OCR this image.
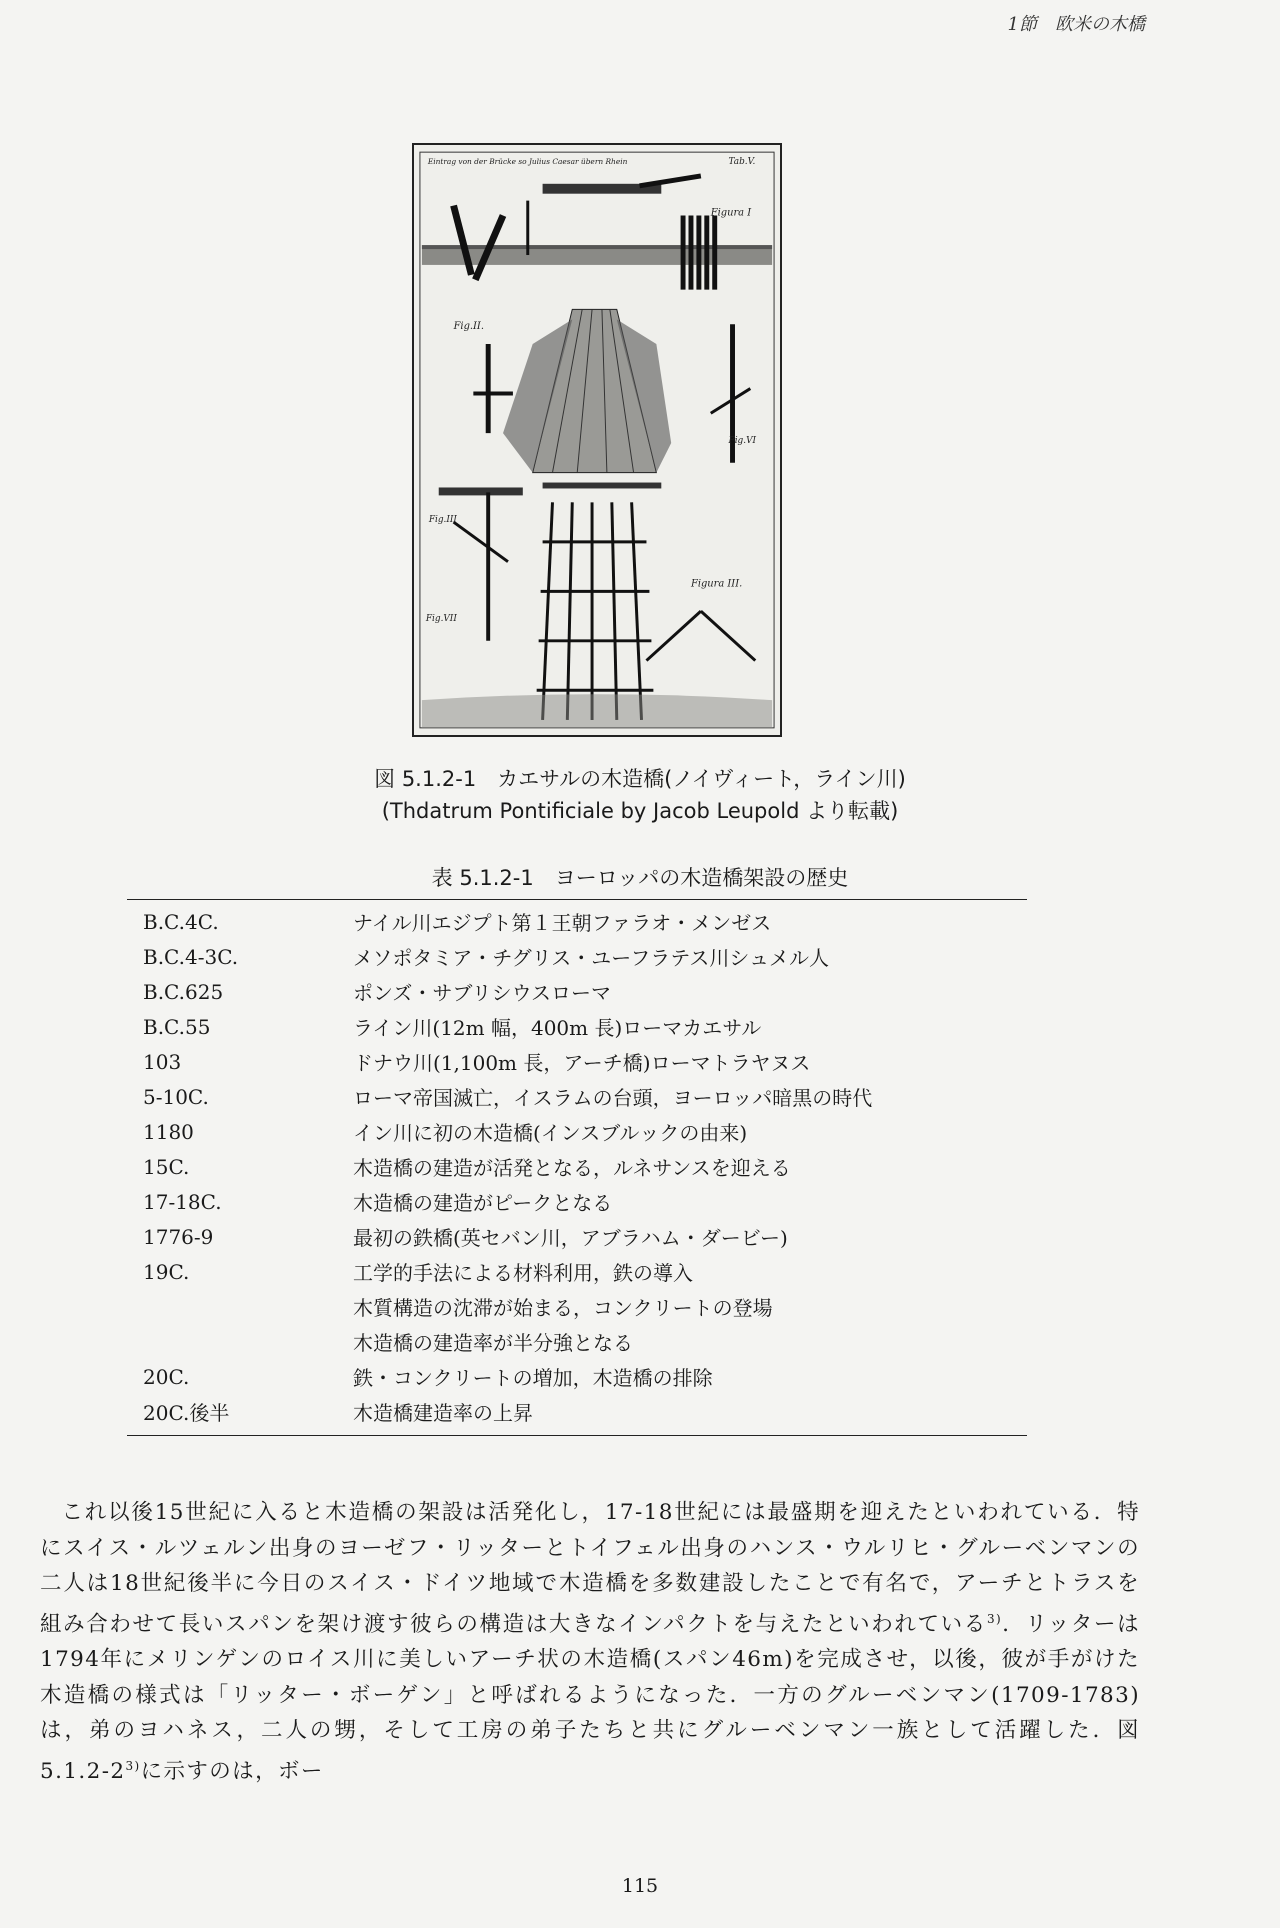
1節　欧米の木橋
Eintrag von der Brücke so Julius Caesar übern Rhein	Tab.V.
Figura I
Fig.II.
Fig.VI
Fig.III
Fig.VII
Figura III.
図 5.1.2-1　カエサルの木造橋(ノイヴィート，ライン川)
(Thdatrum Pontificiale by Jacob Leupold より転載)
表 5.1.2-1　ヨーロッパの木造橋架設の歴史
B.C.4C.	ナイル川エジプト第１王朝ファラオ・メンゼス
B.C.4-3C.	メソポタミア・チグリス・ユーフラテス川シュメル人
B.C.625	ポンズ・サブリシウスローマ
B.C.55	ライン川(12m 幅，400m 長)ローマカエサル
103	ドナウ川(1,100m 長，アーチ橋)ローマトラヤヌス
5-10C.	ローマ帝国滅亡，イスラムの台頭，ヨーロッパ暗黒の時代
1180	イン川に初の木造橋(インスブルックの由来)
15C.	木造橋の建造が活発となる，ルネサンスを迎える
17-18C.	木造橋の建造がピークとなる
1776-9	最初の鉄橋(英セバン川，アブラハム・ダービー)
19C.	工学的手法による材料利用，鉄の導入
木質構造の沈滞が始まる，コンクリートの登場
木造橋の建造率が半分強となる
20C.	鉄・コンクリートの増加，木造橋の排除
20C.後半	木造橋建造率の上昇

これ以後15世紀に入ると木造橋の架設は活発化し，17-18世紀には最盛期を迎えたといわれている．特にスイス・ルツェルン出身のヨーゼフ・リッターとトイフェル出身のハンス・ウルリヒ・グルーベンマンの二人は18世紀後半に今日のスイス・ドイツ地域で木造橋を多数建設したことで有名で，アーチとトラスを組み合わせて長いスパンを架け渡す彼らの構造は大きなインパクトを与えたといわれている$^{3)}$．リッターは1794年にメリンゲンのロイス川に美しいアーチ状の木造橋(スパン46m)を完成させ，以後，彼が手がけた木造橋の様式は「リッター・ボーゲン」と呼ばれるようになった．一方のグルーベンマン(1709-1783)は，弟のヨハネス，二人の甥，そして工房の弟子たちと共にグルーベンマン一族として活躍した．図5.1.2-2$^{3)}$に示すのは，ボー

115
